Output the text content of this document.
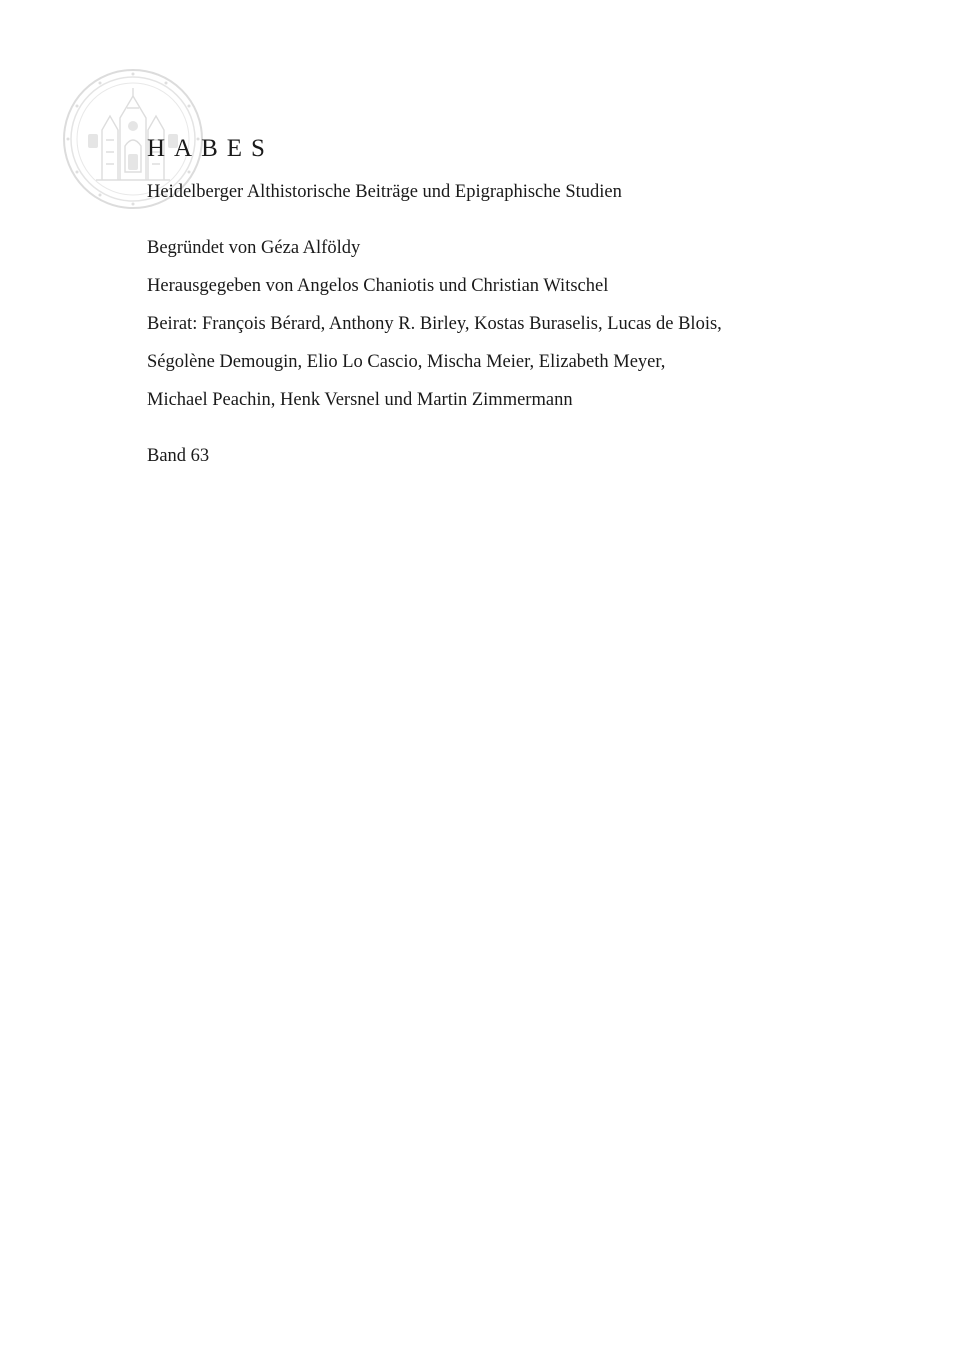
HABES
Heidelberger Althistorische Beiträge und Epigraphische Studien
Begründet von Géza Alföldy
Herausgegeben von Angelos Chaniotis und Christian Witschel
Beirat: François Bérard, Anthony R. Birley, Kostas Buraselis, Lucas de Blois,
Ségolène Demougin, Elio Lo Cascio, Mischa Meier, Elizabeth Meyer,
Michael Peachin, Henk Versnel und Martin Zimmermann
Band 63
